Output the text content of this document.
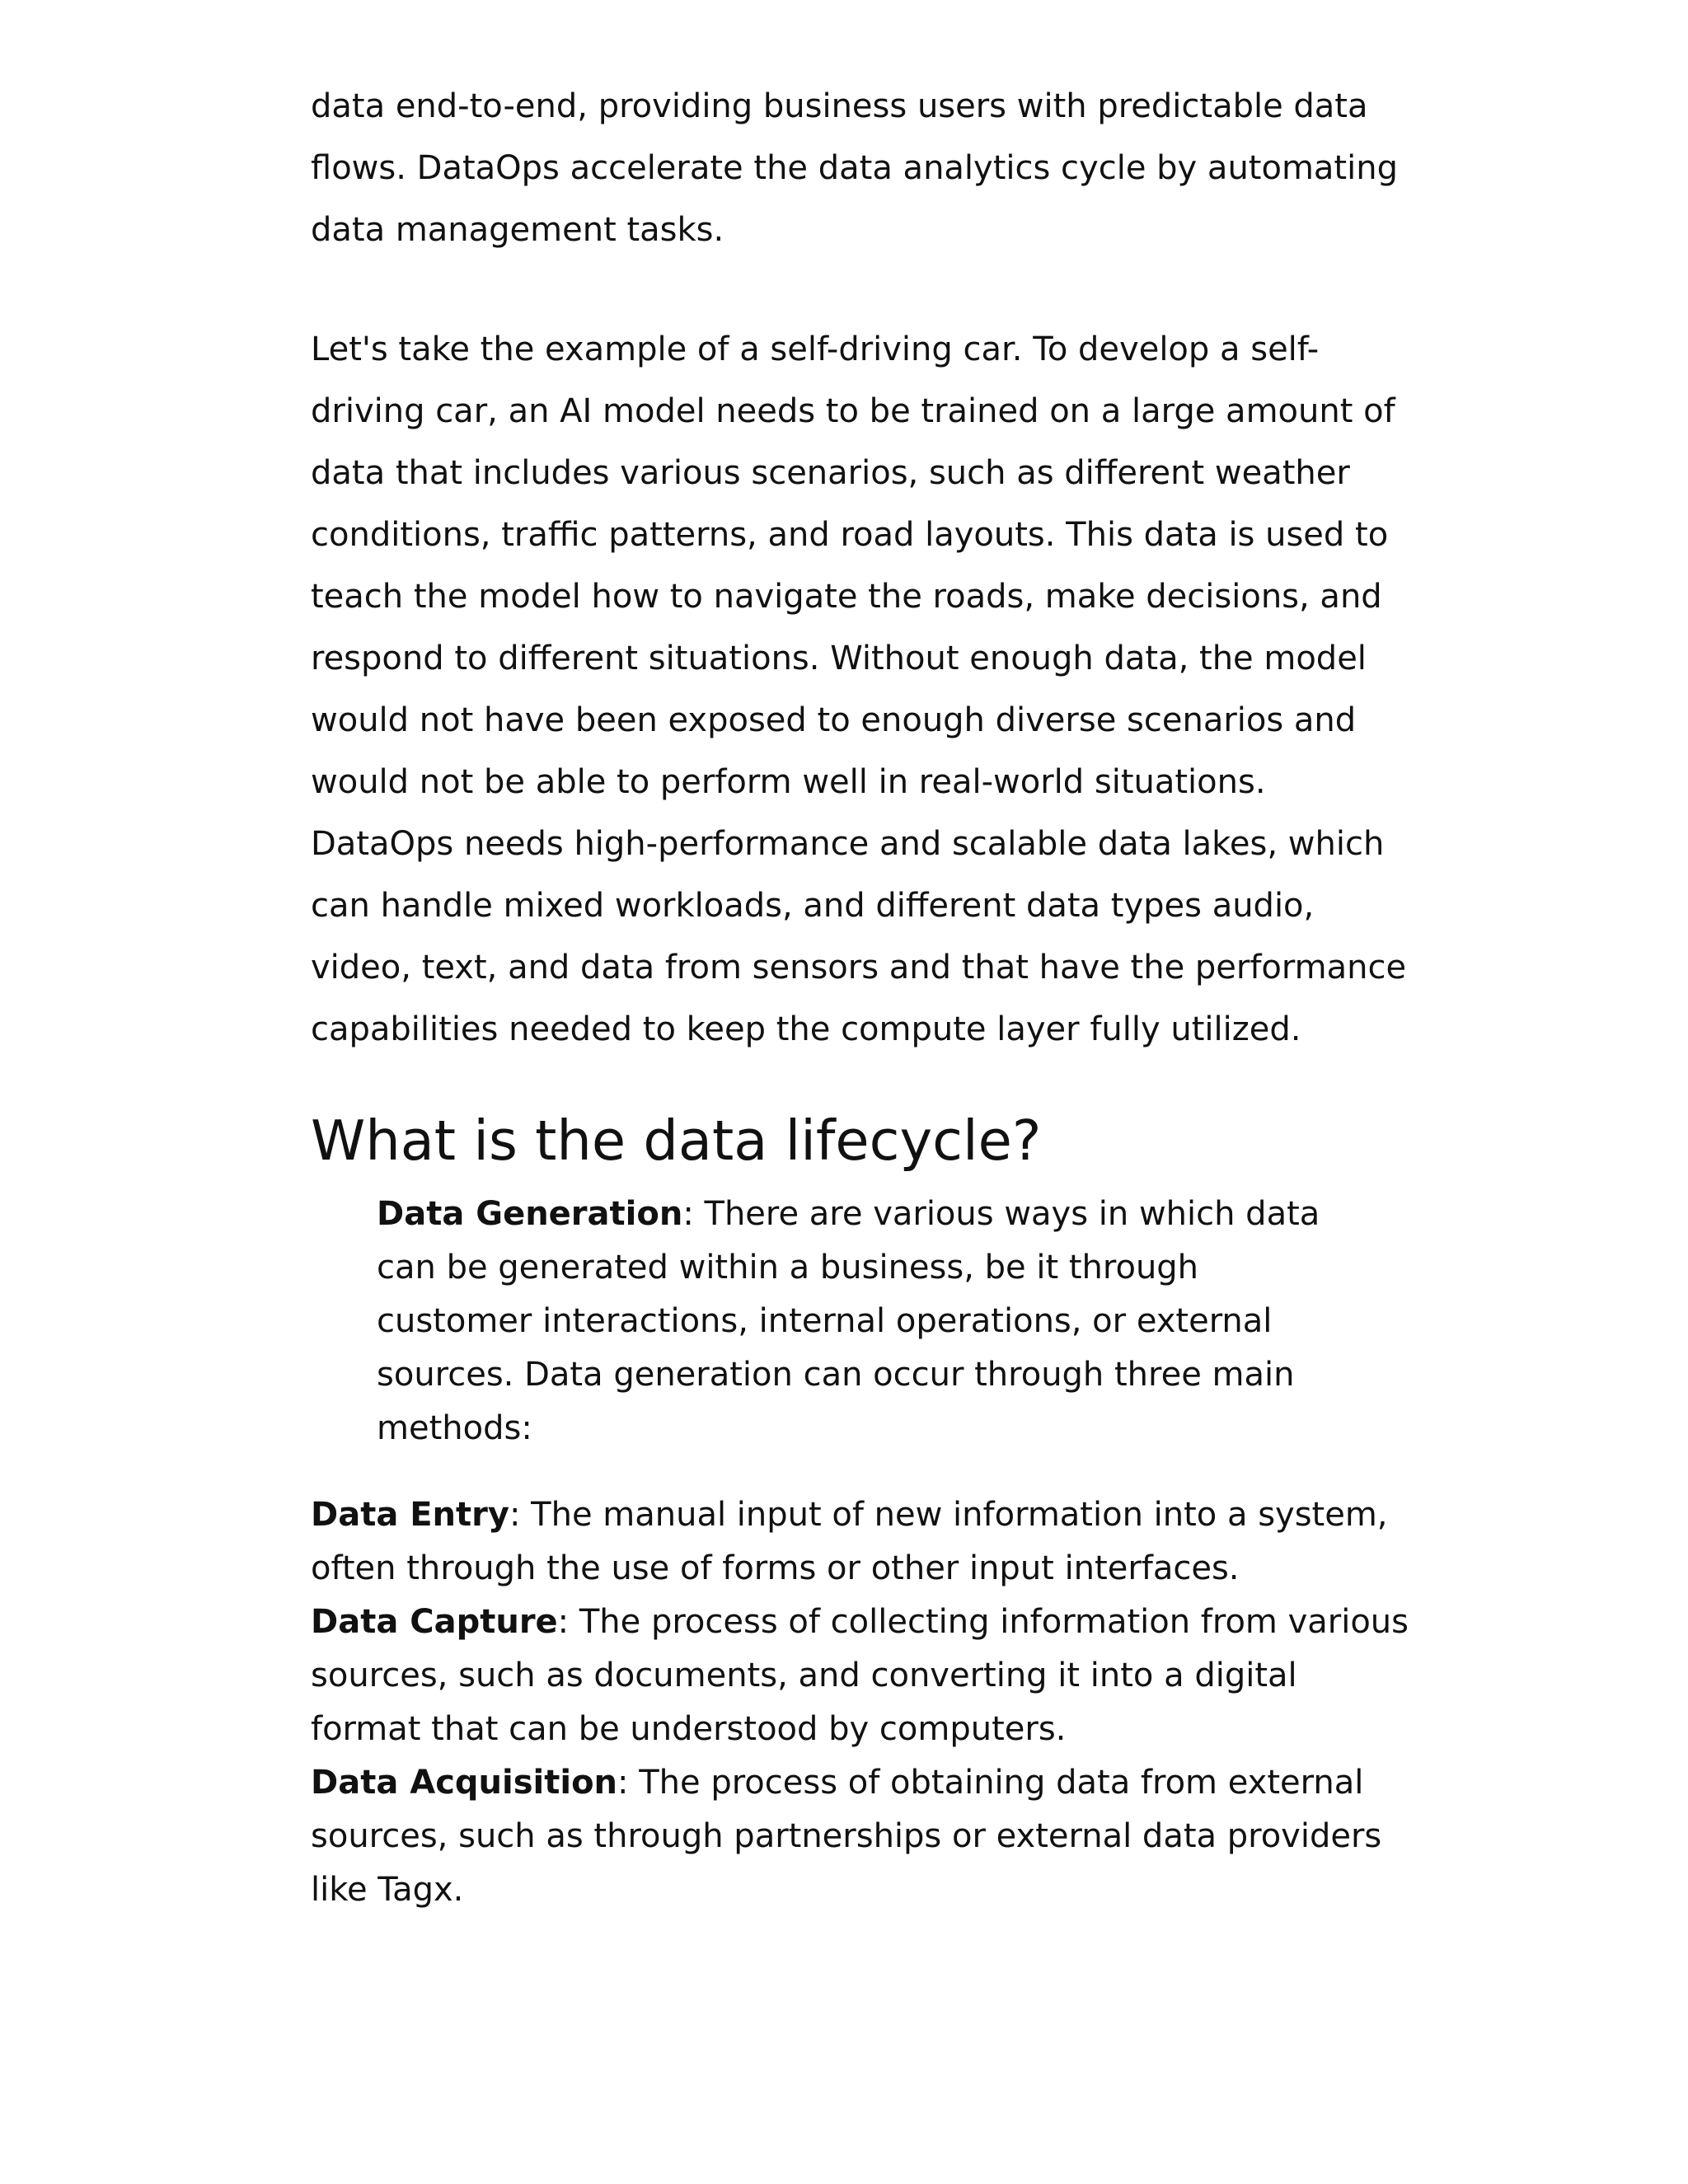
data end-to-end, providing business users with predictable data flows. DataOps accelerate the data analytics cycle by automating data management tasks.

Let's take the example of a self-driving car. To develop a self-driving car, an AI model needs to be trained on a large amount of data that includes various scenarios, such as different weather conditions, traffic patterns, and road layouts. This data is used to teach the model how to navigate the roads, make decisions, and respond to different situations. Without enough data, the model would not have been exposed to enough diverse scenarios and would not be able to perform well in real-world situations. DataOps needs high-performance and scalable data lakes, which can handle mixed workloads, and different data types audio, video, text, and data from sensors and that have the performance capabilities needed to keep the compute layer fully utilized.

What is the data lifecycle?

Data Generation: There are various ways in which data can be generated within a business, be it through customer interactions, internal operations, or external sources. Data generation can occur through three main methods:

Data Entry: The manual input of new information into a system, often through the use of forms or other input interfaces.

Data Capture: The process of collecting information from various sources, such as documents, and converting it into a digital format that can be understood by computers.

Data Acquisition: The process of obtaining data from external sources, such as through partnerships or external data providers like Tagx.
